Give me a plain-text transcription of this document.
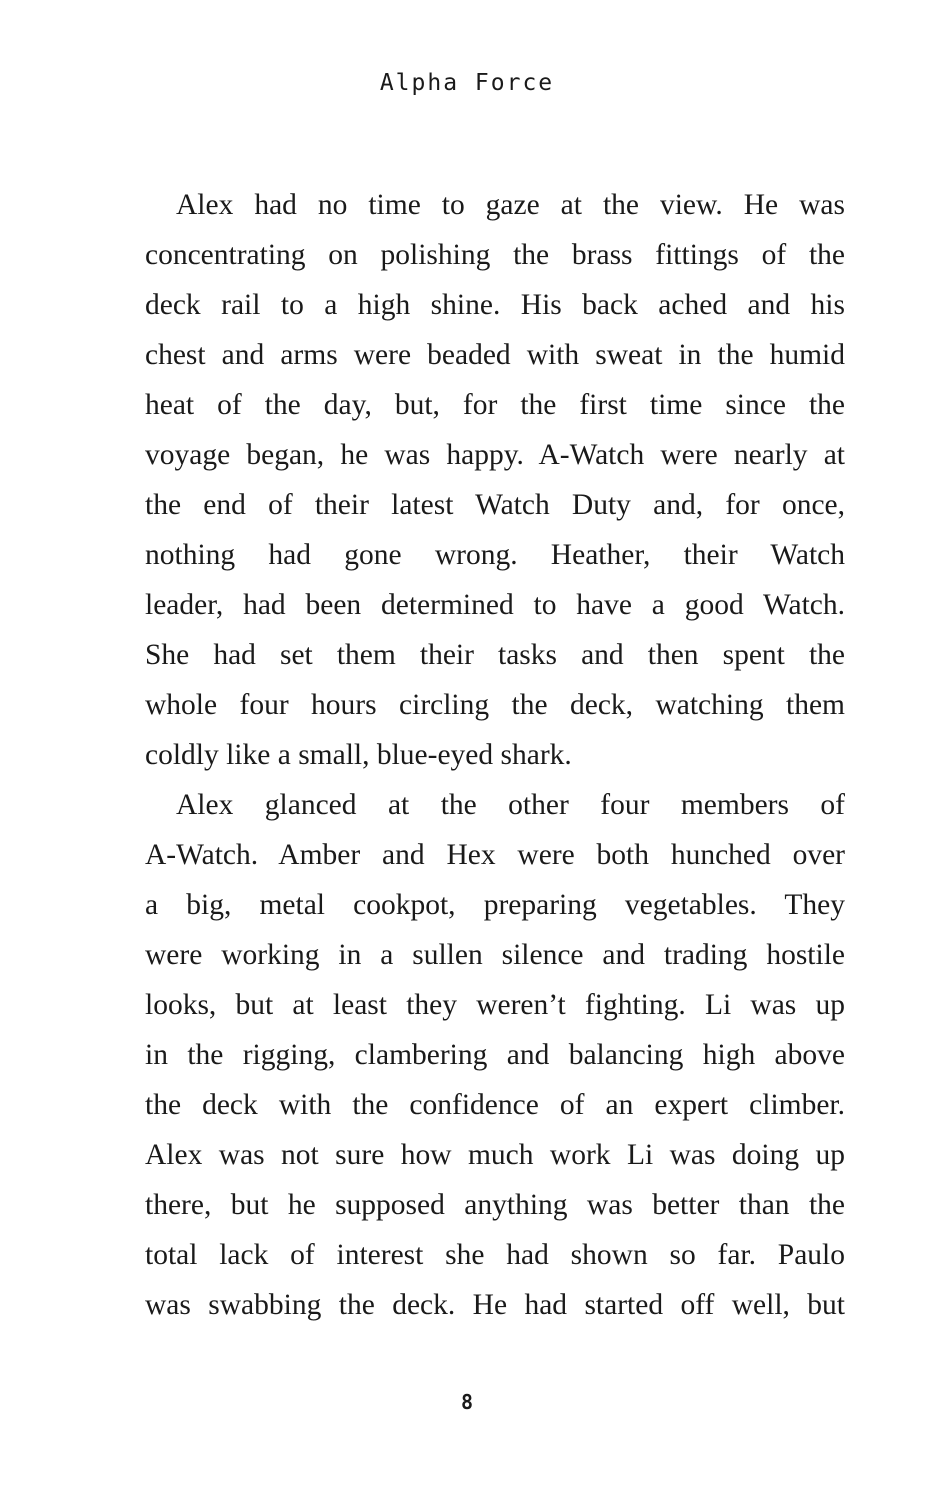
Alpha Force
Alex had no time to gaze at the view. He was
concentrating on polishing the brass fittings of the
deck rail to a high shine. His back ached and his
chest and arms were beaded with sweat in the humid
heat of the day, but, for the first time since the
voyage began, he was happy. A-Watch were nearly at
the end of their latest Watch Duty and, for once,
nothing had gone wrong. Heather, their Watch
leader, had been determined to have a good Watch.
She had set them their tasks and then spent the
whole four hours circling the deck, watching them
coldly like a small, blue-eyed shark.
Alex glanced at the other four members of
A-Watch. Amber and Hex were both hunched over
a big, metal cookpot, preparing vegetables. They
were working in a sullen silence and trading hostile
looks, but at least they weren’t fighting. Li was up
in the rigging, clambering and balancing high above
the deck with the confidence of an expert climber.
Alex was not sure how much work Li was doing up
there, but he supposed anything was better than the
total lack of interest she had shown so far. Paulo
was swabbing the deck. He had started off well, but
8
